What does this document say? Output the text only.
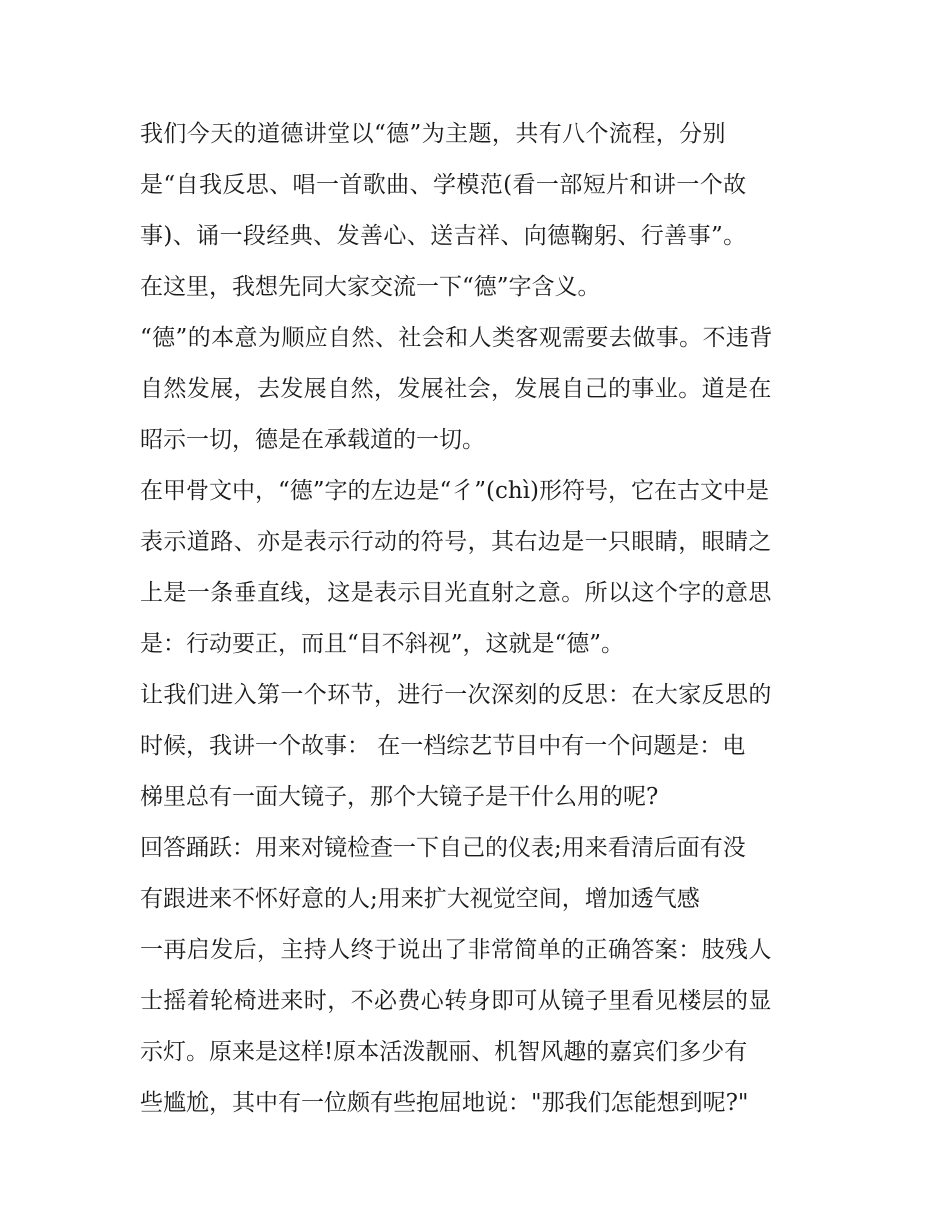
我们今天的道德讲堂以“德”为主题，共有八个流程，分别
是“自我反思、唱一首歌曲、学模范(看一部短片和讲一个故
事)、诵一段经典、发善心、送吉祥、向德鞠躬、行善事”。
在这里，我想先同大家交流一下“德”字含义。
“德”的本意为顺应自然、社会和人类客观需要去做事。不违背
自然发展，去发展自然，发展社会，发展自己的事业。道是在
昭示一切，德是在承载道的一切。
在甲骨文中，“德”字的左边是“彳”(chì)形符号，它在古文中是
表示道路、亦是表示行动的符号，其右边是一只眼睛，眼睛之
上是一条垂直线，这是表示目光直射之意。所以这个字的意思
是：行动要正，而且“目不斜视”，这就是“德”。
让我们进入第一个环节，进行一次深刻的反思：在大家反思的
时候，我讲一个故事： 在一档综艺节目中有一个问题是：电
梯里总有一面大镜子，那个大镜子是干什么用的呢?
回答踊跃：用来对镜检查一下自己的仪表;用来看清后面有没
有跟进来不怀好意的人;用来扩大视觉空间，增加透气感
一再启发后，主持人终于说出了非常简单的正确答案：肢残人
士摇着轮椅进来时，不必费心转身即可从镜子里看见楼层的显
示灯。原来是这样!原本活泼靓丽、机智风趣的嘉宾们多少有
些尴尬，其中有一位颇有些抱屈地说："那我们怎能想到呢?"
